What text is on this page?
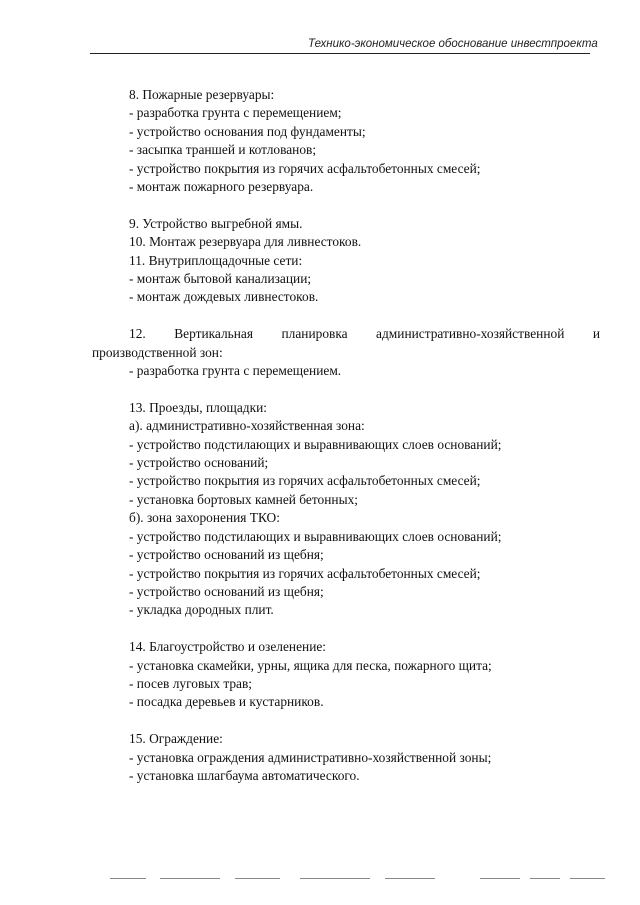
Технико-экономическое обоснование инвестпроекта
8. Пожарные резервуары:
- разработка грунта с перемещением;
- устройство основания под фундаменты;
- засыпка траншей и котлованов;
- устройство покрытия из горячих асфальтобетонных смесей;
- монтаж пожарного резервуара.
9. Устройство выгребной ямы.
10. Монтаж резервуара для ливнестоков.
11. Внутриплощадочные сети:
- монтаж бытовой канализации;
- монтаж дождевых ливнестоков.
12. Вертикальная планировка административно-хозяйственной и
производственной зон:
- разработка грунта с перемещением.
13. Проезды, площадки:
а). административно-хозяйственная зона:
- устройство подстилающих и выравнивающих слоев оснований;
- устройство оснований;
- устройство покрытия из горячих асфальтобетонных смесей;
- установка бортовых камней бетонных;
б). зона захоронения ТКО:
- устройство подстилающих и выравнивающих слоев оснований;
- устройство оснований из щебня;
- устройство покрытия из горячих асфальтобетонных смесей;
- устройство оснований из щебня;
- укладка дородных плит.
14. Благоустройство и озеленение:
- установка скамейки, урны, ящика для песка, пожарного щита;
- посев луговых трав;
- посадка деревьев и кустарников.
15. Ограждение:
- установка ограждения административно-хозяйственной зоны;
- установка шлагбаума автоматического.
